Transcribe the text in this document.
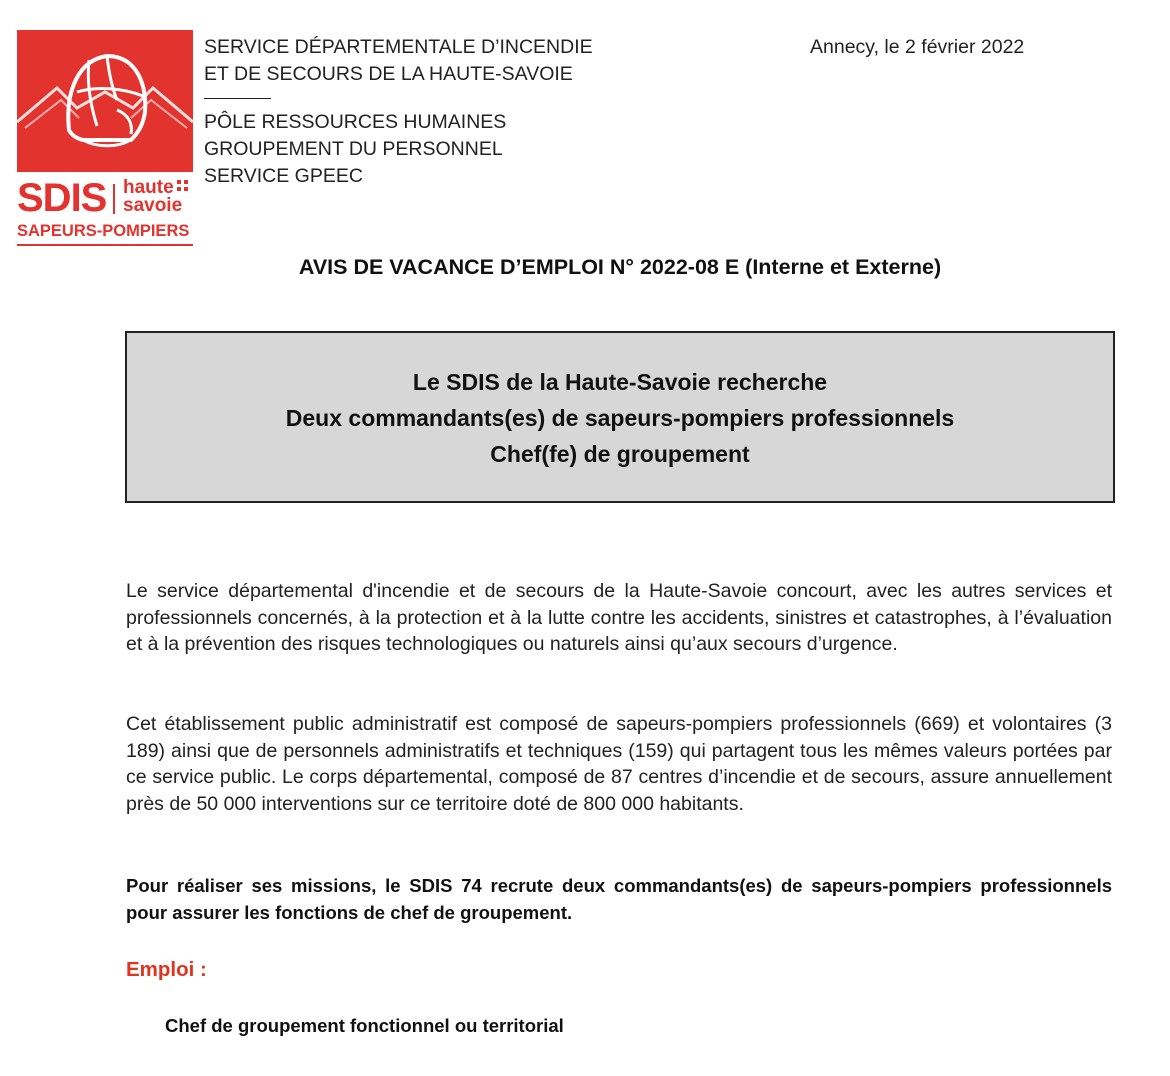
SDIS haute
savoie
SAPEURS-POMPIERS
SERVICE DÉPARTEMENTALE D’INCENDIE
ET DE SECOURS DE LA HAUTE-SAVOIE
PÔLE RESSOURCES HUMAINES
GROUPEMENT DU PERSONNEL
SERVICE GPEEC
Annecy, le 2 février 2022
AVIS DE VACANCE D’EMPLOI N° 2022-08 E (Interne et Externe)
Le SDIS de la Haute-Savoie recherche
Deux commandants(es) de sapeurs-pompiers professionnels
Chef(fe) de groupement
Le service départemental d'incendie et de secours de la Haute-Savoie concourt, avec les autres services et professionnels concernés, à la protection et à la lutte contre les accidents, sinistres et catastrophes, à l’évaluation et à la prévention des risques technologiques ou naturels ainsi qu’aux secours d’urgence.
Cet établissement public administratif est composé de sapeurs-pompiers professionnels (669) et volontaires (3 189) ainsi que de personnels administratifs et techniques (159) qui partagent tous les mêmes valeurs portées par ce service public. Le corps départemental, composé de 87 centres d’incendie et de secours, assure annuellement près de 50 000 interventions sur ce territoire doté de 800 000 habitants.
Pour réaliser ses missions, le SDIS 74 recrute deux commandants(es) de sapeurs-pompiers professionnels pour assurer les fonctions de chef de groupement.
Emploi :
Chef de groupement fonctionnel ou territorial
